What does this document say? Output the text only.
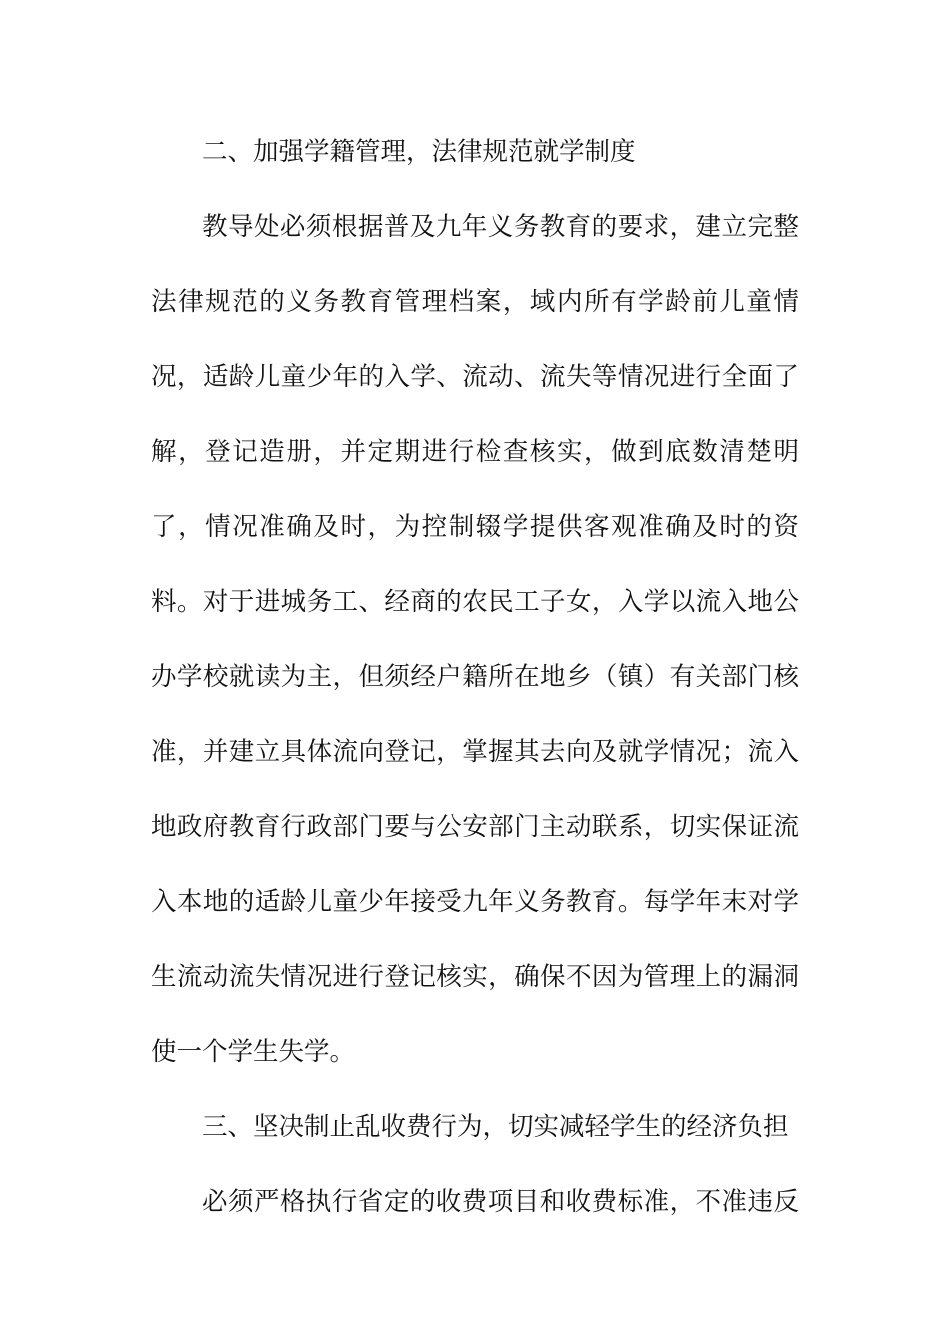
二、加强学籍管理，法律规范就学制度
教导处必须根据普及九年义务教育的要求，建立完整
法律规范的义务教育管理档案，域内所有学龄前儿童情
况，适龄儿童少年的入学、流动、流失等情况进行全面了
解，登记造册，并定期进行检查核实，做到底数清楚明
了，情况准确及时，为控制辍学提供客观准确及时的资
料。对于进城务工、经商的农民工子女，入学以流入地公
办学校就读为主，但须经户籍所在地乡（镇）有关部门核
准，并建立具体流向登记，掌握其去向及就学情况；流入
地政府教育行政部门要与公安部门主动联系，切实保证流
入本地的适龄儿童少年接受九年义务教育。每学年末对学
生流动流失情况进行登记核实，确保不因为管理上的漏洞
使一个学生失学。
三、坚决制止乱收费行为，切实减轻学生的经济负担
必须严格执行省定的收费项目和收费标准，不准违反
